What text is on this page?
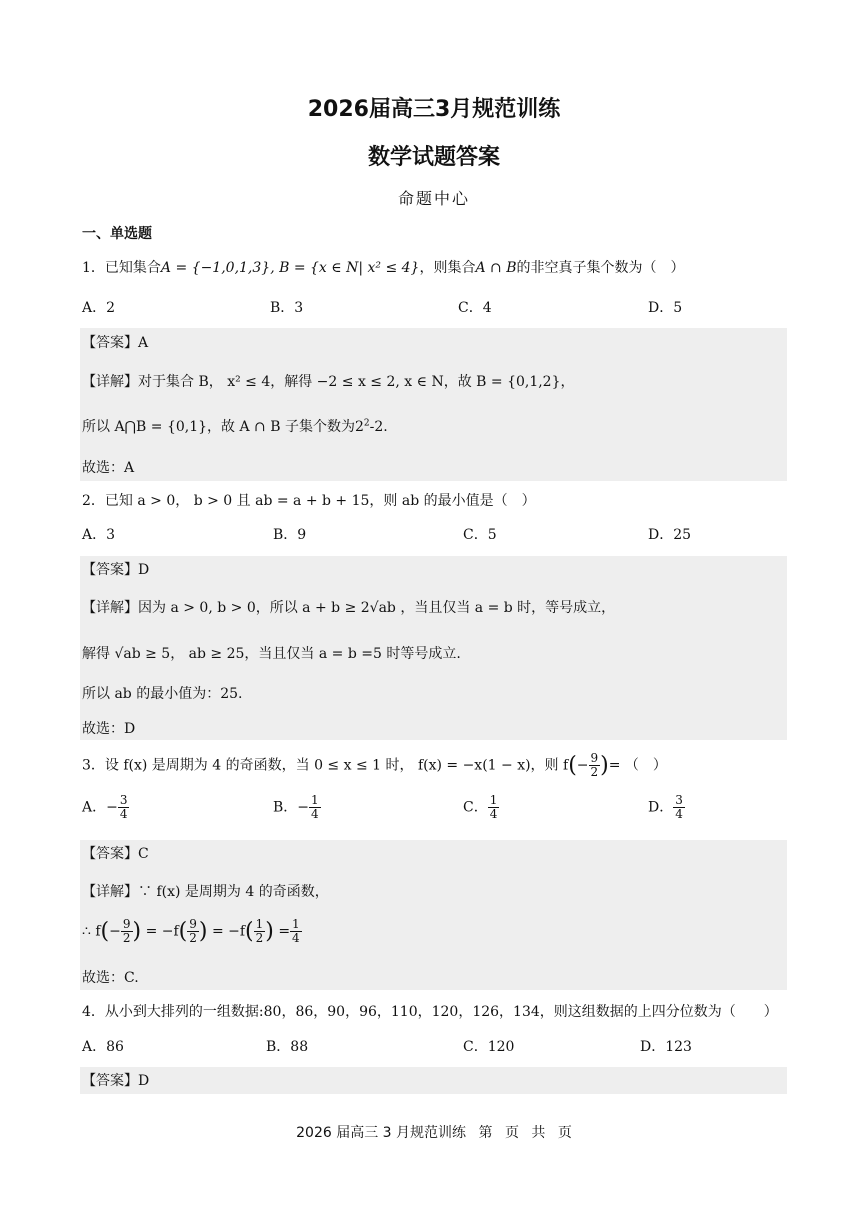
2026届高三3月规范训练
数学试题答案
命题中心
一、单选题
1．已知集合A = {−1,0,1,3}, B = {x ∈ N| x² ≤ 4}，则集合A ∩ B的非空真子集个数为（　）
A．2	B．3	C．4	D．5
【答案】A
【详解】对于集合 B， x² ≤ 4，解得 −2 ≤ x ≤ 2, x ∈ N，故 B = {0,1,2}，
所以 A⋂B = {0,1}，故 A ∩ B 子集个数为$2^2-2$.
故选：A
2．已知 a > 0， b > 0 且 ab = a + b + 15，则 ab 的最小值是（　）
A．3	B．9	C．5	D．25
【答案】D
【详解】因为 a > 0, b > 0，所以 a + b ≥ 2√ab ，当且仅当 a = b 时，等号成立，
解得 √ab ≥ 5， ab ≥ 25，当且仅当 a = b =5 时等号成立.
所以 ab 的最小值为：25.
故选：D
3．设 f(x) 是周期为 4 的奇函数，当 0 ≤ x ≤ 1 时， f(x) = −x(1 − x)，则 $f(- \frac{9}{2}$ )= （　）
A．− $\frac{3}{4}$	B．− $\frac{1}{4}$	C． $\frac{1}{4}$	D． $\frac{3}{4}$
【答案】C
【详解】∵ f(x) 是周期为 4 的奇函数，
∴ $f(- \frac{9}{2}$ ) = $-f( \frac{9}{2}$ ) = $-f( \frac{1}{2}$ ) = $\frac{1}{4}$
故选：C.
4．从小到大排列的一组数据:80，86，90，96，110，120，126，134，则这组数据的上四分位数为（　　）
A．86	B．88	C．120	D．123
【答案】D
2026 届高三 3 月规范训练 第 页 共 页
